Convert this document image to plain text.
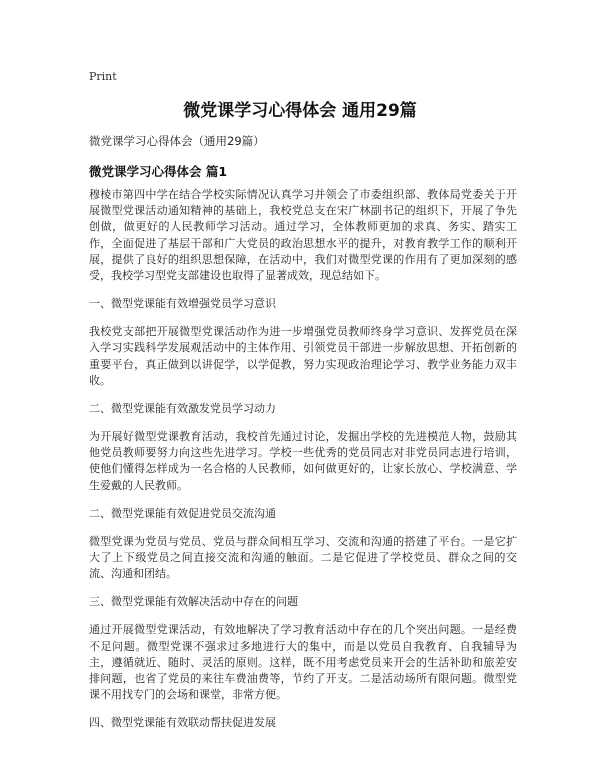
Print
微党课学习心得体会 通用29篇

微党课学习心得体会（通用29篇）

微党课学习心得体会 篇1

穆棱市第四中学在结合学校实际情况认真学习并领会了市委组织部、教体局党委关于开展微型党课活动通知精神的基础上，我校党总支在宋广林副书记的组织下，开展了争先创做，做更好的人民教师学习活动。通过学习，全体教师更加的求真、务实、踏实工作，全面促进了基层干部和广大党员的政治思想水平的提升，对教育教学工作的顺利开展，提供了良好的组织思想保障，在活动中，我们对微型党课的作用有了更加深刻的感受，我校学习型党支部建设也取得了显著成效，现总结如下。

一、微型党课能有效增强党员学习意识

我校党支部把开展微型党课活动作为进一步增强党员教师终身学习意识、发挥党员在深入学习实践科学发展观活动中的主体作用、引领党员干部进一步解放思想、开拓创新的重要平台，真正做到以讲促学，以学促教，努力实现政治理论学习、教学业务能力双丰收。

二、微型党课能有效激发党员学习动力

为开展好微型党课教育活动，我校首先通过讨论，发掘出学校的先进模范人物，鼓励其他党员教师要努力向这些先进学习。学校一些优秀的党员同志对非党员同志进行培训，使他们懂得怎样成为一名合格的人民教师，如何做更好的，让家长放心、学校满意、学生爱戴的人民教师。

二、微型党课能有效促进党员交流沟通

微型党课为党员与党员、党员与群众间相互学习、交流和沟通的搭建了平台。一是它扩大了上下级党员之间直接交流和沟通的触面。二是它促进了学校党员、群众之间的交流、沟通和团结。

三、微型党课能有效解决活动中存在的问题

通过开展微型党课活动，有效地解决了学习教育活动中存在的几个突出问题。一是经费不足问题。微型党课不强求过多地进行大的集中，而是以党员自我教育、自我辅导为主，遵循就近、随时、灵活的原则。这样，既不用考虑党员来开会的生活补助和旅差安排问题，也省了党员的来往车费油费等，节约了开支。二是活动场所有限问题。微型党课不用找专门的会场和课堂，非常方便。

四、微型党课能有效联动帮扶促进发展
